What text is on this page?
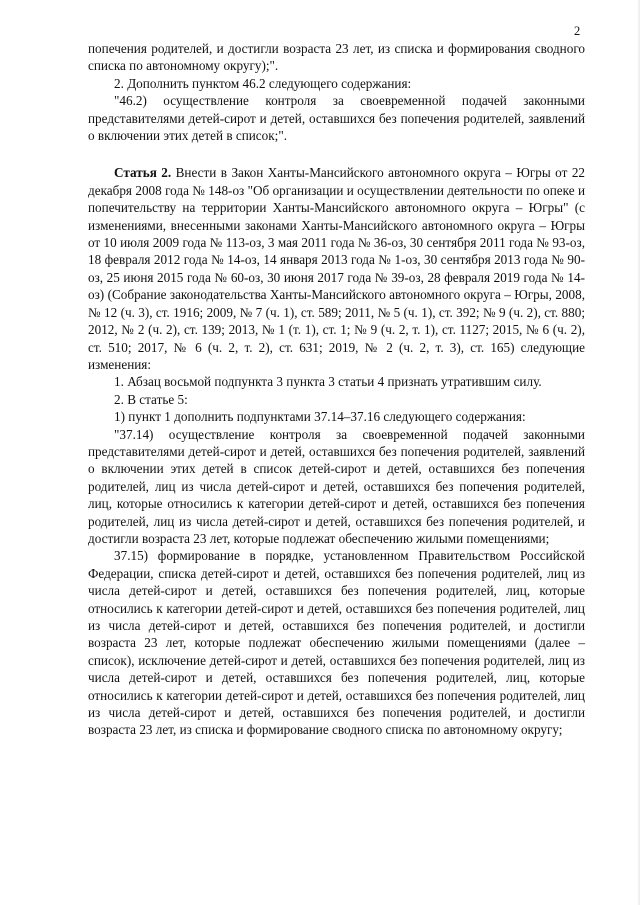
2

попечения родителей, и достигли возраста 23 лет, из списка и формирования сводного списка по автономному округу);".

2. Дополнить пунктом 46.2 следующего содержания:

"46.2) осуществление контроля за своевременной подачей законными представителями детей-сирот и детей, оставшихся без попечения родителей, заявлений о включении этих детей в список;".

Статья 2. Внести в Закон Ханты-Мансийского автономного округа – Югры от 22 декабря 2008 года № 148-оз "Об организации и осуществлении деятельности по опеке и попечительству на территории Ханты-Мансийского автономного округа – Югры" (с изменениями, внесенными законами Ханты-Мансийского автономного округа – Югры от 10 июля 2009 года № 113-оз, 3 мая 2011 года № 36-оз, 30 сентября 2011 года № 93-оз, 18 февраля 2012 года № 14-оз, 14 января 2013 года № 1-оз, 30 сентября 2013 года № 90-оз, 25 июня 2015 года № 60-оз, 30 июня 2017 года № 39-оз, 28 февраля 2019 года № 14-оз) (Собрание законодательства Ханты-Мансийского автономного округа – Югры, 2008, № 12 (ч. 3), ст. 1916; 2009, № 7 (ч. 1), ст. 589; 2011, № 5 (ч. 1), ст. 392; № 9 (ч. 2), ст. 880; 2012, № 2 (ч. 2), ст. 139; 2013, № 1 (т. 1), ст. 1; № 9 (ч. 2, т. 1), ст. 1127; 2015, № 6 (ч. 2), ст. 510; 2017, № 6 (ч. 2, т. 2), ст. 631; 2019, № 2 (ч. 2, т. 3), ст. 165) следующие изменения:

1. Абзац восьмой подпункта 3 пункта 3 статьи 4 признать утратившим силу.

2. В статье 5:

1) пункт 1 дополнить подпунктами 37.14–37.16 следующего содержания:

"37.14) осуществление контроля за своевременной подачей законными представителями детей-сирот и детей, оставшихся без попечения родителей, заявлений о включении этих детей в список детей-сирот и детей, оставшихся без попечения родителей, лиц из числа детей-сирот и детей, оставшихся без попечения родителей, лиц, которые относились к категории детей-сирот и детей, оставшихся без попечения родителей, лиц из числа детей-сирот и детей, оставшихся без попечения родителей, и достигли возраста 23 лет, которые подлежат обеспечению жилыми помещениями;

37.15) формирование в порядке, установленном Правительством Российской Федерации, списка детей-сирот и детей, оставшихся без попечения родителей, лиц из числа детей-сирот и детей, оставшихся без попечения родителей, лиц, которые относились к категории детей-сирот и детей, оставшихся без попечения родителей, лиц из числа детей-сирот и детей, оставшихся без попечения родителей, и достигли возраста 23 лет, которые подлежат обеспечению жилыми помещениями (далее – список), исключение детей-сирот и детей, оставшихся без попечения родителей, лиц из числа детей-сирот и детей, оставшихся без попечения родителей, лиц, которые относились к категории детей-сирот и детей, оставшихся без попечения родителей, лиц из числа детей-сирот и детей, оставшихся без попечения родителей, и достигли возраста 23 лет, из списка и формирование сводного списка по автономному округу;
